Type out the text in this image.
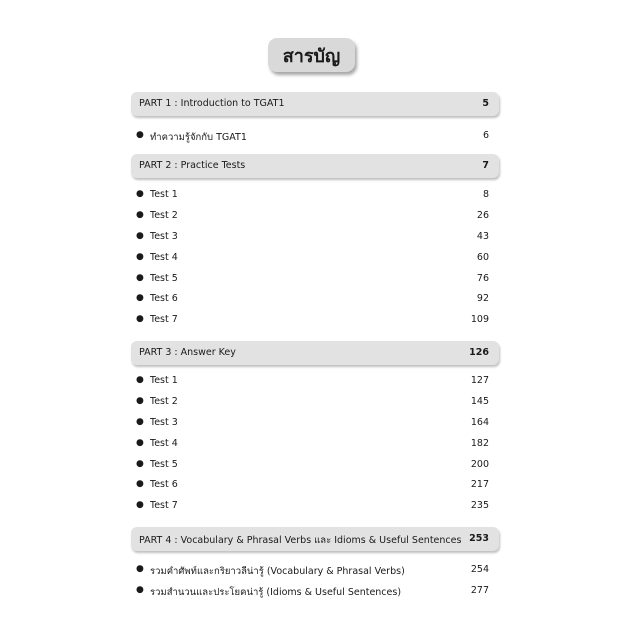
สารบัญ
PART 1 : Introduction to TGAT1	5
● ทำความรู้จักกับ TGAT1	6
PART 2 : Practice Tests	7
● Test 1	8
● Test 2	26
● Test 3	43
● Test 4	60
● Test 5	76
● Test 6	92
● Test 7	109
PART 3 : Answer Key	126
● Test 1	127
● Test 2	145
● Test 3	164
● Test 4	182
● Test 5	200
● Test 6	217
● Test 7	235
PART 4 : Vocabulary & Phrasal Verbs และ Idioms & Useful Sentences 253
● รวมคำศัพท์และกริยาวลีน่ารู้ (Vocabulary & Phrasal Verbs)	254
● รวมสำนวนและประโยคน่ารู้ (Idioms & Useful Sentences)	277
